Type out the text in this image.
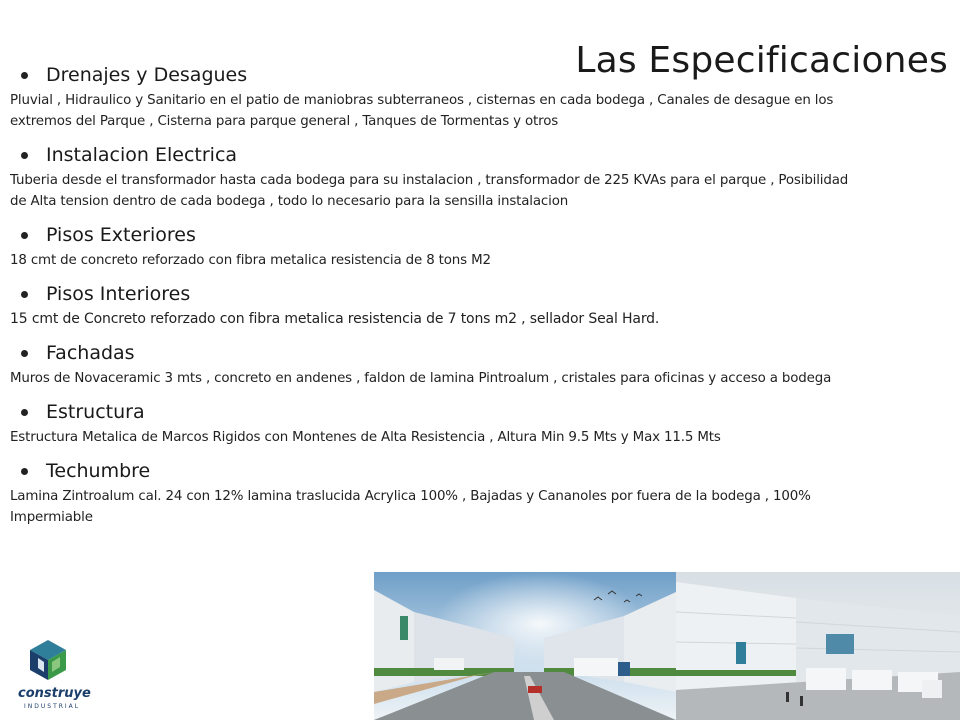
Las Especificaciones
Drenajes y Desagues

Pluvial , Hidraulico y Sanitario en el patio de maniobras subterraneos , cisternas en cada bodega , Canales de desague en los extremos del Parque , Cisterna para parque general , Tanques de Tormentas y otros

Instalacion Electrica

Tuberia desde el transformador hasta cada bodega para su instalacion , transformador de 225 KVAs para el parque , Posibilidad de Alta tension dentro de cada bodega , todo lo necesario para la sensilla instalacion

Pisos Exteriores

18 cmt de concreto reforzado con fibra metalica resistencia de 8 tons M2

Pisos Interiores

15 cmt de Concreto reforzado con fibra metalica resistencia de 7 tons m2 , sellador Seal Hard.

Fachadas

Muros de Novaceramic 3 mts , concreto en andenes , faldon de lamina Pintroalum , cristales para oficinas y acceso a bodega

Estructura

Estructura Metalica de Marcos Rigidos con Montenes de Alta Resistencia , Altura Min 9.5 Mts y Max 11.5 Mts

Techumbre

Lamina Zintroalum cal. 24 con 12% lamina traslucida Acrylica 100% , Bajadas y Cananoles por fuera de la bodega , 100% Impermiable

construye
INDUSTRIAL
